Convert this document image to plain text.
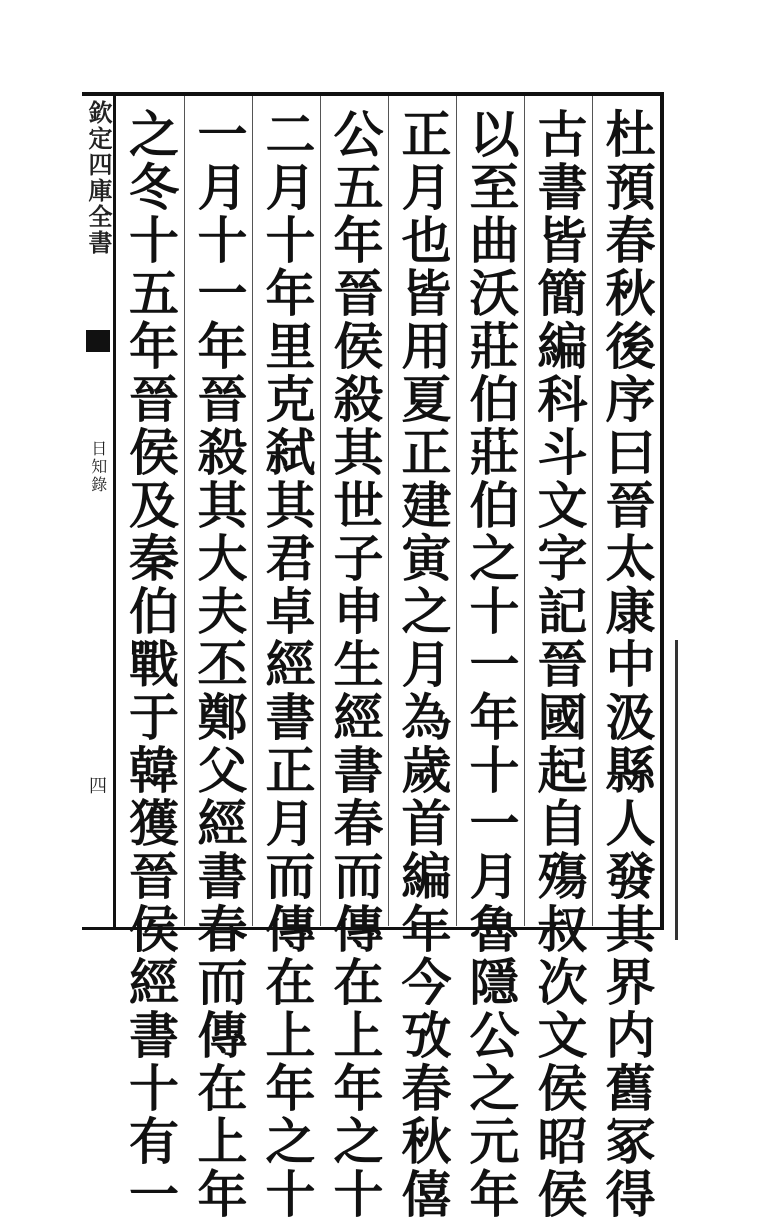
欽定四庫全書
日知錄
四	杜預春秋後序曰晉太康中汲縣人發其界内舊冢得
古書皆簡編科斗文字記晉國起自殤叔次文侯昭侯
以至曲沃莊伯莊伯之十一年十一月魯隱公之元年
正月也皆用夏正建寅之月為歲首編年今攷春秋僖
公五年晉侯殺其世子申生經書春而傳在上年之十
二月十年里克弑其君卓經書正月而傳在上年之十
一月十一年晉殺其大夫丕鄭父經書春而傳在上年
之冬十五年晉侯及秦伯戰于韓獲晉侯經書十有一
